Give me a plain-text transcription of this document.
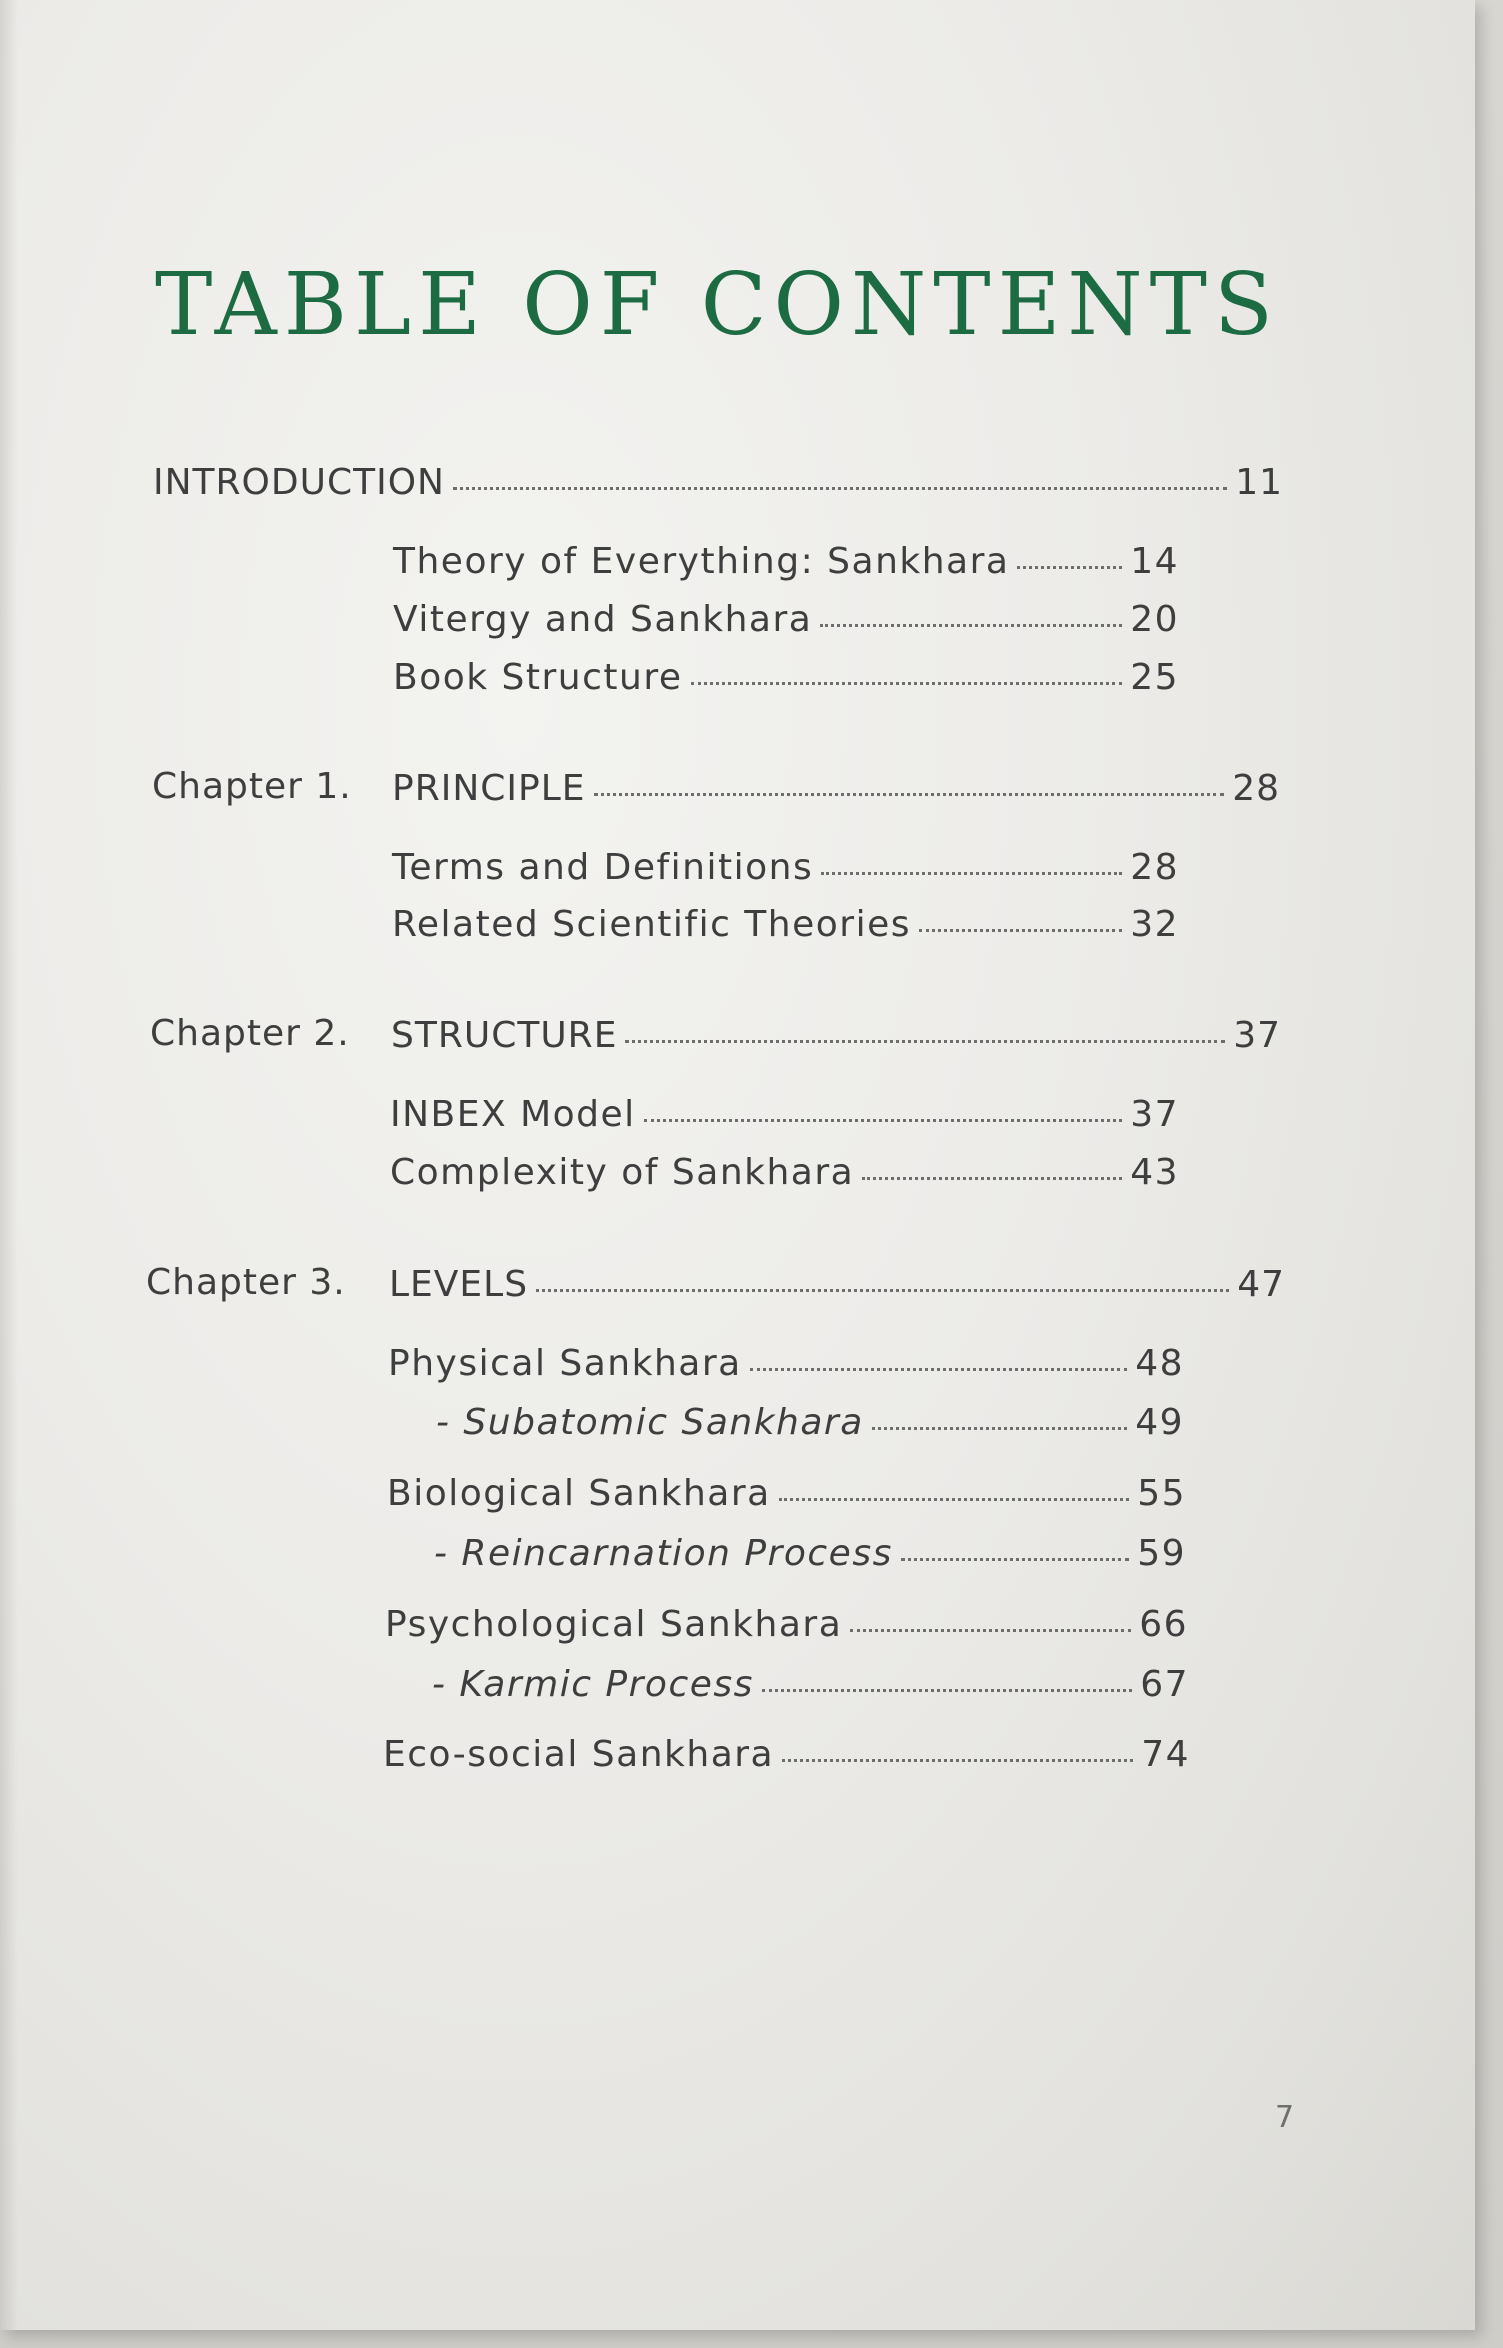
TABLE OF CONTENTS
INTRODUCTION	11
Theory of Everything: Sankhara	14
Vitergy and Sankhara	20
Book Structure	25
Chapter 1. PRINCIPLE	28
Terms and Definitions	28
Related Scientific Theories	32
Chapter 2. STRUCTURE	37
INBEX Model	37
Complexity of Sankhara	43
Chapter 3. LEVELS	47
Physical Sankhara	48
- Subatomic Sankhara	49
Biological Sankhara	55
- Reincarnation Process	59
Psychological Sankhara	66
- Karmic Process	67
Eco-social Sankhara	74
7
